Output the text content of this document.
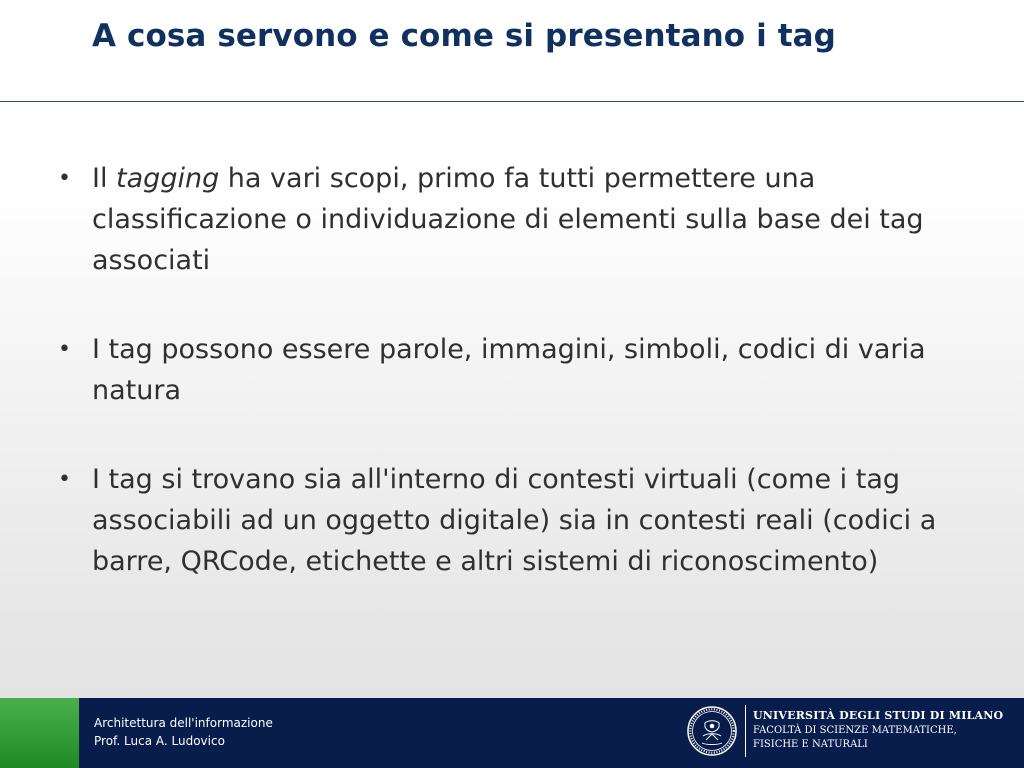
A cosa servono e come si presentano i tag
• Il tagging ha vari scopi, primo fa tutti permettere una classificazione o individuazione di elementi sulla base dei tag associati
• I tag possono essere parole, immagini, simboli, codici di varia natura
• I tag si trovano sia all'interno di contesti virtuali (come i tag associabili ad un oggetto digitale) sia in contesti reali (codici a barre, QRCode, etichette e altri sistemi di riconoscimento)
Architettura dell'informazione
Prof. Luca A. Ludovico
UNIVERSITÀ DEGLI STUDI DI MILANO
FACOLTÀ DI SCIENZE MATEMATICHE,
FISICHE E NATURALI
